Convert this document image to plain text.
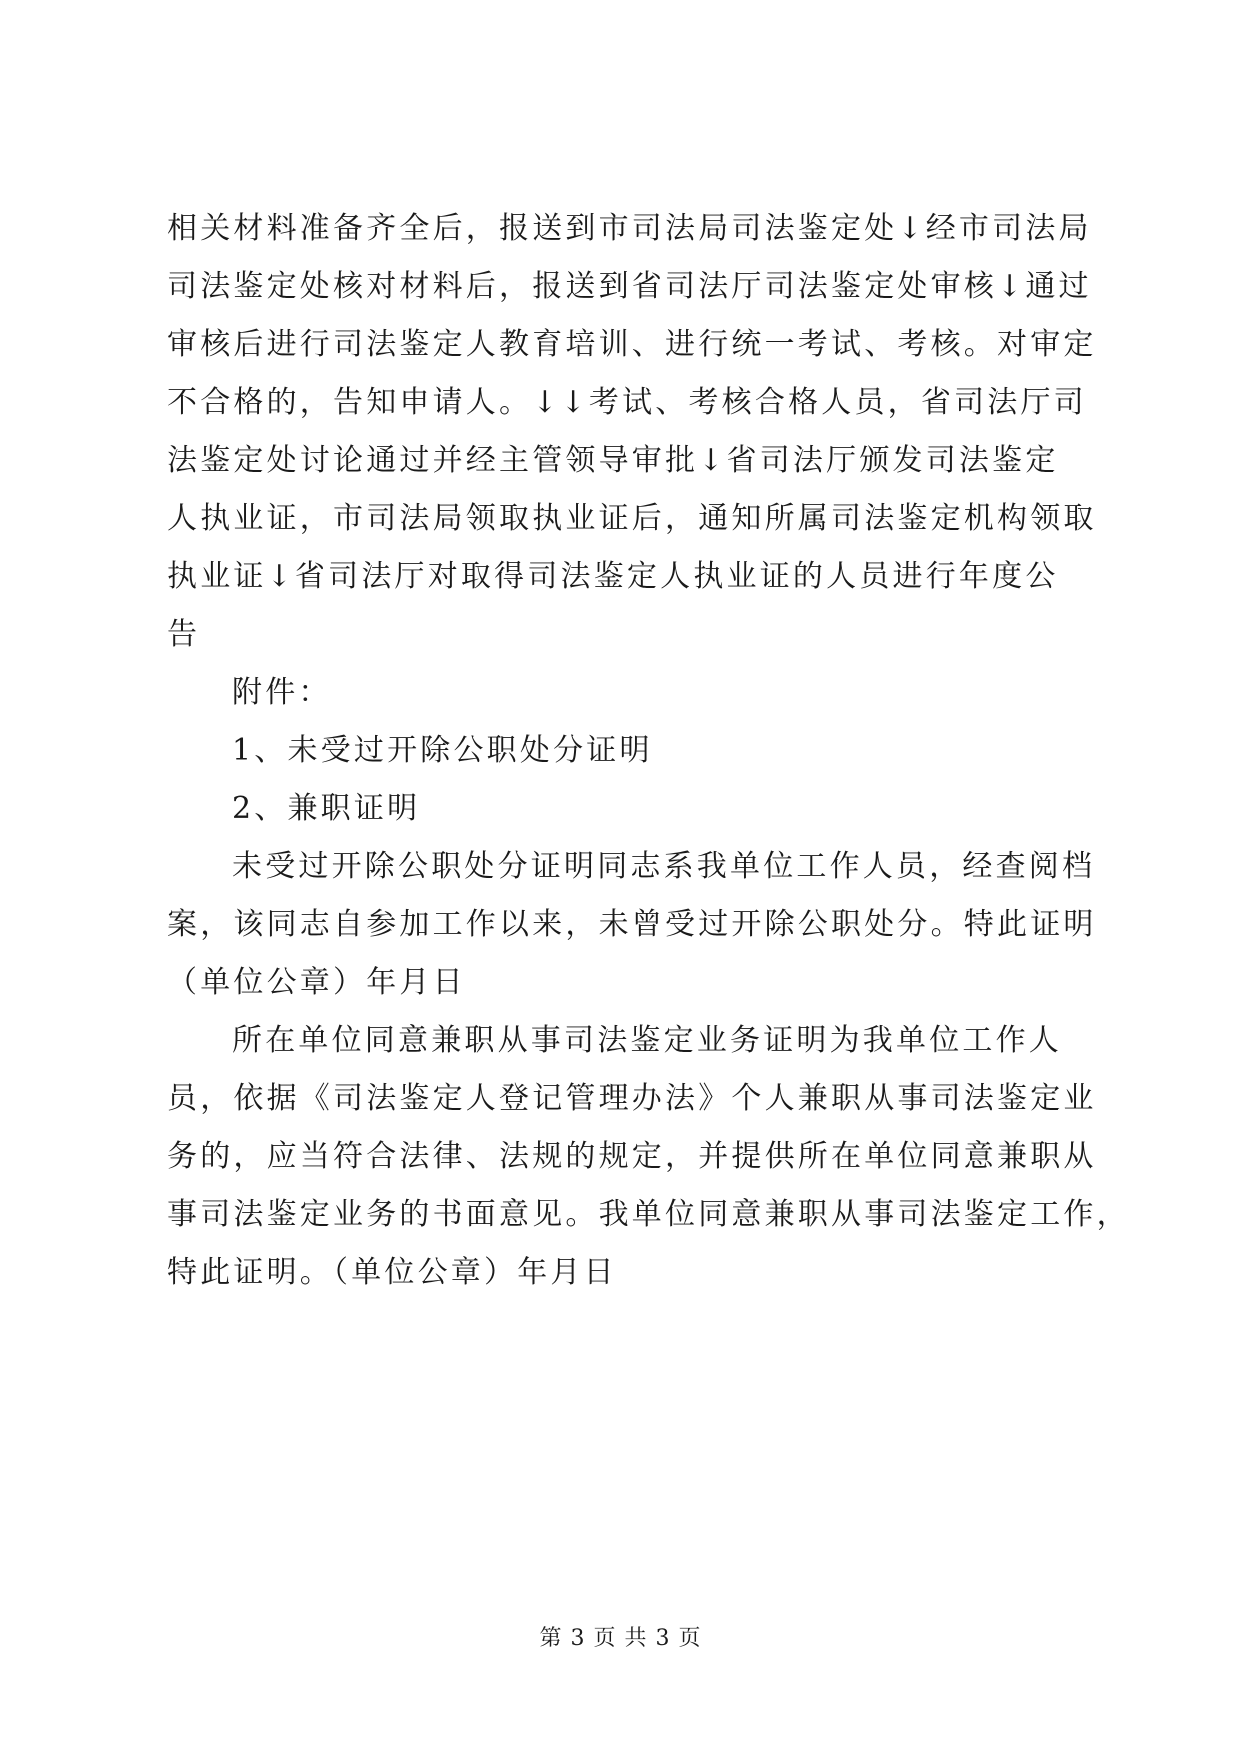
相关材料准备齐全后，报送到市司法局司法鉴定处↓经市司法局
司法鉴定处核对材料后，报送到省司法厅司法鉴定处审核↓通过
审核后进行司法鉴定人教育培训、进行统一考试、考核。对审定
不合格的，告知申请人。↓↓考试、考核合格人员，省司法厅司
法鉴定处讨论通过并经主管领导审批↓省司法厅颁发司法鉴定
人执业证，市司法局领取执业证后，通知所属司法鉴定机构领取
执业证↓省司法厅对取得司法鉴定人执业证的人员进行年度公
告
附件：
1、未受过开除公职处分证明
2、兼职证明
未受过开除公职处分证明同志系我单位工作人员，经查阅档
案，该同志自参加工作以来，未曾受过开除公职处分。特此证明
（单位公章）年月日
所在单位同意兼职从事司法鉴定业务证明为我单位工作人
员，依据《司法鉴定人登记管理办法》个人兼职从事司法鉴定业
务的，应当符合法律、法规的规定，并提供所在单位同意兼职从
事司法鉴定业务的书面意见。我单位同意兼职从事司法鉴定工作，
特此证明。（单位公章）年月日
第 3 页 共 3 页
